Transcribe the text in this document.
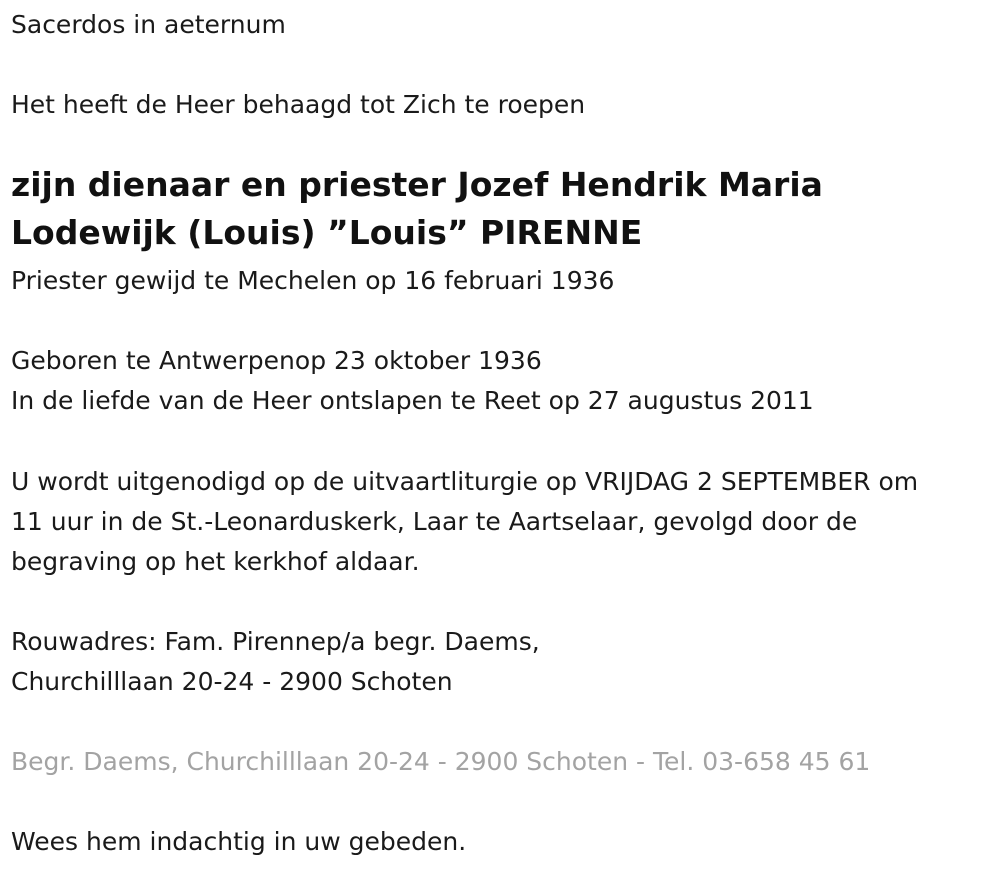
Sacerdos in aeternum
Het heeft de Heer behaagd tot Zich te roepen
zijn dienaar en priester Jozef Hendrik Maria
Lodewijk (Louis) ”Louis” PIRENNE
Priester gewijd te Mechelen op 16 februari 1936
Geboren te Antwerpenop 23 oktober 1936
In de liefde van de Heer ontslapen te Reet op 27 augustus 2011
U wordt uitgenodigd op de uitvaartliturgie op VRIJDAG 2 SEPTEMBER om
11 uur in de St.-Leonarduskerk, Laar te Aartselaar, gevolgd door de
begraving op het kerkhof aldaar.
Rouwadres: Fam. Pirennep/a begr. Daems,
Churchilllaan 20-24 - 2900 Schoten
Begr. Daems, Churchilllaan 20-24 - 2900 Schoten - Tel. 03-658 45 61
Wees hem indachtig in uw gebeden.
